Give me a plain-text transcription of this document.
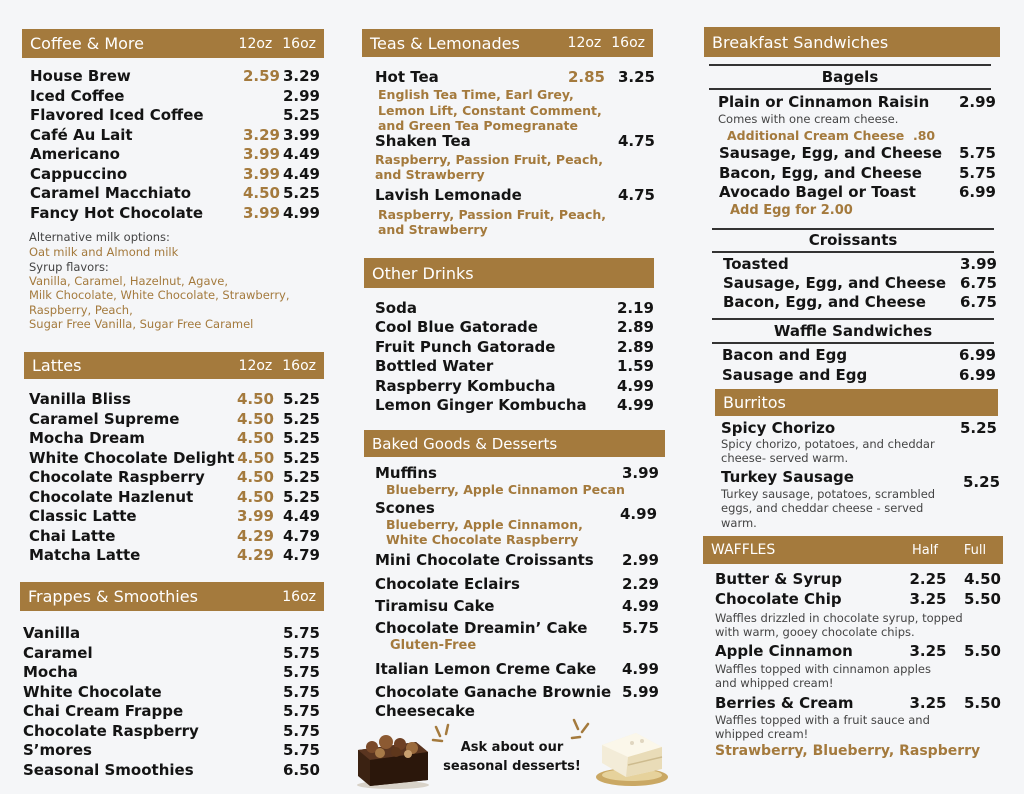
Coffee & More	12oz 16oz
House Brew	2.59 3.29
Iced Coffee	2.99
Flavored Iced Coffee	5.25
Café Au Lait	3.29 3.99
Americano	3.99 4.49
Cappuccino	3.99 4.49
Caramel Macchiato	4.50 5.25
Fancy Hot Chocolate	3.99 4.99
Alternative milk options:
Oat milk and Almond milk
Syrup flavors:
Vanilla, Caramel, Hazelnut, Agave,
Milk Chocolate, White Chocolate, Strawberry,
Raspberry, Peach,
Sugar Free Vanilla, Sugar Free Caramel
Lattes	12oz 16oz
Vanilla Bliss	4.50 5.25
Caramel Supreme	4.50 5.25
Mocha Dream	4.50 5.25
White Chocolate Delight 4.50 5.25
Chocolate Raspberry	4.50 5.25
Chocolate Hazlenut	4.50 5.25
Classic Latte	3.99 4.49
Chai Latte	4.29 4.79
Matcha Latte	4.29 4.79
Frappes & Smoothies	16oz
Vanilla	5.75
Caramel	5.75
Mocha	5.75
White Chocolate	5.75
Chai Cream Frappe	5.75
Chocolate Raspberry	5.75
S’mores	5.75
Seasonal Smoothies	6.50
Teas & Lemonades	12oz 16oz
Hot Tea	2.85 3.25
English Tea Time, Earl Grey,
Lemon Lift, Constant Comment,
and Green Tea Pomegranate
Shaken Tea	4.75
Raspberry, Passion Fruit, Peach,
and Strawberry
Lavish Lemonade	4.75
Raspberry, Passion Fruit, Peach,
and Strawberry
Other Drinks
Soda	2.19
Cool Blue Gatorade	2.89
Fruit Punch Gatorade	2.89
Bottled Water	1.59
Raspberry Kombucha	4.99
Lemon Ginger Kombucha	4.99
Baked Goods & Desserts
Muffins	3.99
Blueberry, Apple Cinnamon Pecan
Scones	4.99
Blueberry, Apple Cinnamon,
White Chocolate Raspberry
Mini Chocolate Croissants	2.99
Chocolate Eclairs	2.29
Tiramisu Cake	4.99
Chocolate Dreamin’ Cake	5.75
Gluten-Free
Italian Lemon Creme Cake	4.99
Chocolate Ganache Brownie 5.99
Cheesecake
Ask about our
seasonal desserts!
Breakfast Sandwiches
Bagels
Plain or Cinnamon Raisin	2.99
Comes with one cream cheese.
Additional Cream Cheese  .80
Sausage, Egg, and Cheese	5.75
Bacon, Egg, and Cheese	5.75
Avocado Bagel or Toast	6.99
Add Egg for 2.00
Croissants
Toasted	3.99
Sausage, Egg, and Cheese 6.75
Bacon, Egg, and Cheese	6.75
Waffle Sandwiches
Bacon and Egg	6.99
Sausage and Egg	6.99
Burritos
Spicy Chorizo	5.25
Spicy chorizo, potatoes, and cheddar
cheese- served warm.
Turkey Sausage	5.25
Turkey sausage, potatoes, scrambled
eggs, and cheddar cheese - served
warm.
WAFFLES	Half	Full
Butter & Syrup	2.25	4.50
Chocolate Chip	3.25	5.50
Waffles drizzled in chocolate syrup, topped
with warm, gooey chocolate chips.
Apple Cinnamon	3.25	5.50
Waffles topped with cinnamon apples
and whipped cream!
Berries & Cream	3.25	5.50
Waffles topped with a fruit sauce and
whipped cream!
Strawberry, Blueberry, Raspberry
